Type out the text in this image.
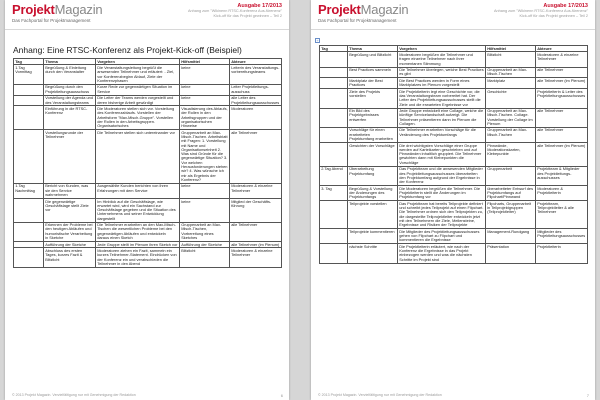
ProjektMagazin
Das Fachportal für Projektmanagement
Ausgabe 17/2013
Anhang zum "Wikinenn RTSC-Konferenz Aus-fürenenz"
Kick-off für das Projekt gewinnen – Teil 2
Anhang: Eine RTSC-Konferenz als Projekt-Kick-off (Beispiel)
Tag	Thema	Vorgehen	Hilfsmittel	Akteure
1.Tag Vormittag	Begrüßung & Einleitung durch den Veranstalter	Die Veranstaltungsleitung begrüßt die anwesenden Teilnehmer und erläutert: - Ziel, vor Konferenzbeginn Ablauf, Ziele der Konferenzphasen	keine	Leiterin des Veranstaltungsvorbereitungsteams
	Begrüßung durch den Projektleitungsausschuss	Kurze Rede zur gegenwärtigen Situation im Service	keine	Leiter Projektleitungsausschuss
	Vorstellung der Agenda und des Veranstaltungsteams	Die Leiter der Teams werden vorgestellt und deren bisherige Arbeit gewürdigt	keine	alle Leiter des Projektleitungsausschusses
	Einführung in die RTSC-Konferenz	Die Moderatoren stellen sich vor. Vorstellung des Konferenzablaufs. Vorstellen der Arbeitsform "Max-Misch-Gruppe". Vorstellen der Rollen in den Arbeitsgruppen. Organisatorisches	Visualisierung des Ablaufs, der Rollen in den Arbeitsgruppen und der organisatorischen Hinweise	Moderatoren
	Vorstellungsrunde der Teilnehmer	Die Teilnehmer stellen sich untereinander vor	Gruppenarbeit an Max-Misch-Tischen. Arbeitsblatt mit Fragen: 1. Vorstellung mit Name und Organisationseinheit 2. Was sind Gründe für die gegenwärtige Situation? 3. Vor welchen Herausforderungen stehen wir? 4. Was wünsche ich mir als Ergebnis der Konferenz?	alle Teilnehmer
1.Tag Nachmittag	Bericht von Kunden, was sie den Service wahrnehmen	Ausgewählte Kunden berichten von ihren Erfahrungen mit dem Service	keine	Moderatoren & einzelne Teilnehmer
	Die gegenwärtige Geschäftslage stellt Ziele vor	Im Hinblick auf die Geschäftslage, wie erwartet wird, wird ein Sachstand zur Geschäftslage gegeben und die Situation des Unternehmens und seiner Entwicklung dargestellt	keine	Mitglied der Geschäftsführung
	Erkennen der Probleme bei den heutigen Abläufen und humoristische Verarbeitung in Sketche	Die Teilnehmer erarbeiten an den Max-Misch-Tischen die wesentlichen Probleme bei den gegenwärtigen Abläufen und entwickeln daraus einen Sketch	Gruppenarbeit an Max-Misch-Tischen, Vorbereitung eines Sketches	alle Teilnehmer
	Aufführung der Sketche	Jede Gruppe stellt im Plenum ihren Sketch vor	Aufführung der Sketche	alle Teilnehmer (im Plenum)
	Abschluss des ersten Tages, kurzes Fazit & Blitzlicht	Moderatoren ziehen ein Fazit, sammeln ein kurzes Teilnehmer-Statement. Eindrücken von der Konferenz ein und verabschieden die Teilnehmer in den Abend	Blitzlicht	Moderatoren & einzelne Teilnehmer
© 2013 Projekt Magazin. Vervielfältigung nur mit Genehmigung der Redaktion	6
ProjektMagazin
Das Fachportal für Projektmanagement
Ausgabe 17/2013
Anhang zum "Wikinenn RTSC-Konferenz Aus-fürenenz"
Kick-off für das Projekt gewinnen – Teil 2
+
Tag	Thema	Vorgehen	Hilfsmittel	Akteure
	Begrüßung und Blitzlicht	Moderatoren begrüßen die Teilnehmer und fragen einzelne Teilnehmer nach ihrer momentanen Stimmung	Blitzlicht	Moderatoren & einzelne Teilnehmer
	Best Practices sammeln	Die Teilnehmer überlegen, welche Best Practices es gibt	Gruppenarbeit an Max-Misch-Tischen	alle Teilnehmer
	Marktplatz der Best Practices	Die Best Practices werden in Form eines Marktplatzes im Plenum vorgestellt	Marktplatz	alle Teilnehmer (im Plenum)
	Ziele des Projekts vorstellen	Die Projektleiterin legt eine Geschichte vor, die das Veranstaltungsteam vorbereitet hat. Der Leiter des Projektleitungsausschusses stellt die Ziele und die erwarteten Ergebnisse vor	Geschichte	Projektleiterin & Leiter des Projektleitungsausschusses
	Ein Bild des Projektgebnisses entwerfen	Jede Gruppe entwickelt eine Collage, welche die künftige Servicelandschaft aufzeigt. Die Teilnehmer präsentieren dann im Plenum die Collagen.	Gruppenarbeit an Max-Misch-Tischen. Collage. Vorstellung der Collage im Plenum	alle Teilnehmer
	Vorschläge für einen erarbeiteten Projektumfang erarbeiten	Die Teilnehmer erarbeiten Vorschläge für die Veränderung des Projektumfangs	Gruppenarbeit an Max-Misch-Tischen	alle Teilnehmer
	Gewichten der Vorschläge	Die drei wichtigsten Vorschläge einer Gruppe werden auf Karteikarten geschrieben und auf Pinnwänden inhaltlich gruppiert. Die Teilnehmer gewichten dann mit Klebepunkten die Vorschläge	Pinnwände, Moderationskarten, Klebepunkte	alle Teilnehmer (im Plenum)
2.Tag Abend	Überarbeitung Projektumfang	Das Projektteam und die anwesenden Mitglieder des Projektleitungsausschusses überarbeiten den Projektumfang aufgrund der Ergebnisse in der Konferenz	Gruppenarbeit	Projektteam & Mitglieder des Projektleitungsausschusses
3. Tag	Begrüßung & Vorstellung der Änderungen des Projektumfangs	Die Moderatoren begrüßen die Teilnehmer. Die Projektleiterin stellt die Änderungen im Projektumfang vor	überarbeiteter Entwurf des Projektumfangs auf Flipchart/Pinnwand	Moderatoren & Projektleiterin
	Teilprojekte vorstellen	Das Projektteam hat bereits Teilprojekte definiert und schreibt jedes Teilprojekt auf einen Flipchart. Die Teilnehmer ordnen sich den Teilprojekten zu, die dargestellte Teilprojektleiter entwickeln jetzt mit den Teilnehmern die Ziele, Meilensteine, Ergebnisse und Risiken der Teilprojekte	Flipcharts, Gruppenarbeit in Teilprojektgruppen (Teilprojektleiter)	Projektteam, Teilprojektleiter & alle Teilnehmer
	Teilprojekte kommentieren	Die Mitglieder des Projektleitungsausschusses gehen von Flipchart zu Flipchart und kommentieren die Ergebnisse	Management-Rundgang	Mitglieder des Projektleitungsausschusses
	nächste Schritte	Die Projektleiterin erläutert, wie nach der Konferenz die Ergebnisse in das Projekt einbezogen werden und was die nächsten Schritte im Projekt sind	Präsentation	Projektleiterin
© 2013 Projekt Magazin. Vervielfältigung nur mit Genehmigung der Redaktion	7
